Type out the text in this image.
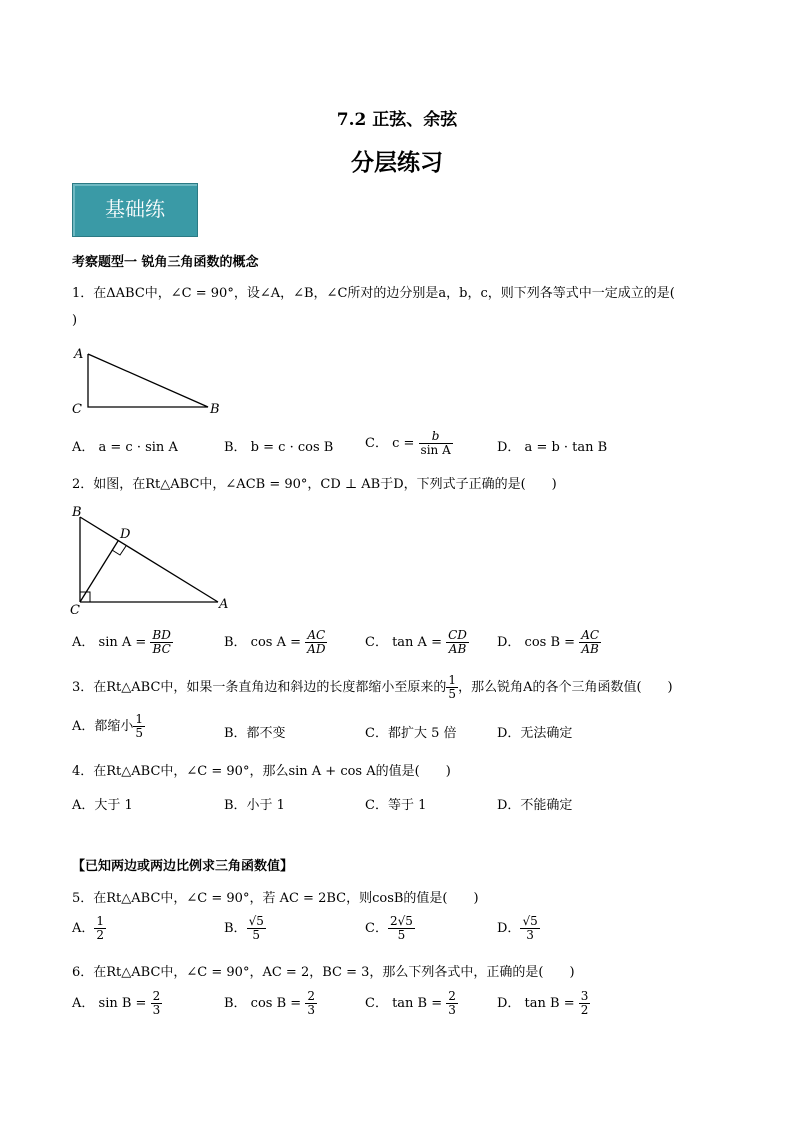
7.2 正弦、余弦
分层练习
基础练
考察题型一 锐角三角函数的概念
1．在ΔABC中，∠C = 90°，设∠A，∠B，∠C所对的边分别是a，b，c，则下列各等式中一定成立的是(
)
A
C	B
A． a = c · sin A	B． b = c · cos B C． $c = \frac{b}{\text{sin A}}$	D． a = b · tan B
2．如图，在Rt△ABC中，∠ACB = 90°，CD ⊥ AB于D，下列式子正确的是(　　)
B
D
C	A
A． $\sin A = \frac{BD}{BC}$	B． $\cos A = \frac{AC}{AD}$	C． $\tan A = \frac{CD}{AB}$ D． $\cos B = \frac{AC}{AB}$
3．在Rt△ABC中，如果一条直角边和斜边的长度都缩小至原来的 $\frac{1}{5}$ ，那么锐角A的各个三角函数值(　　)
A．都缩小 $\frac{1}{5}$	B．都不变	C．都扩大 5 倍	D．无法确定
4．在Rt△ABC中，∠C = 90°，那么sin A + cos A的值是(　　)
A．大于 1	B．小于 1	C．等于 1	D．不能确定
【已知两边或两边比例求三角函数值】
5．在Rt△ABC中，∠C = 90°，若 AC = 2BC，则cosB的值是(　　)
A． $\frac{1}{2}$	B． $\frac{√5}{5}$	C． $\frac{2√5}{5}$	D． $\frac{√5}{3}$
6．在Rt△ABC中，∠C = 90°，AC = 2，BC = 3，那么下列各式中，正确的是(　　)
A． $\sin B = \frac{2}{3}$	B． $\cos B = \frac{2}{3}$	C． $\tan B = \frac{2}{3}$	D． $\tan B = \frac{3}{2}$
